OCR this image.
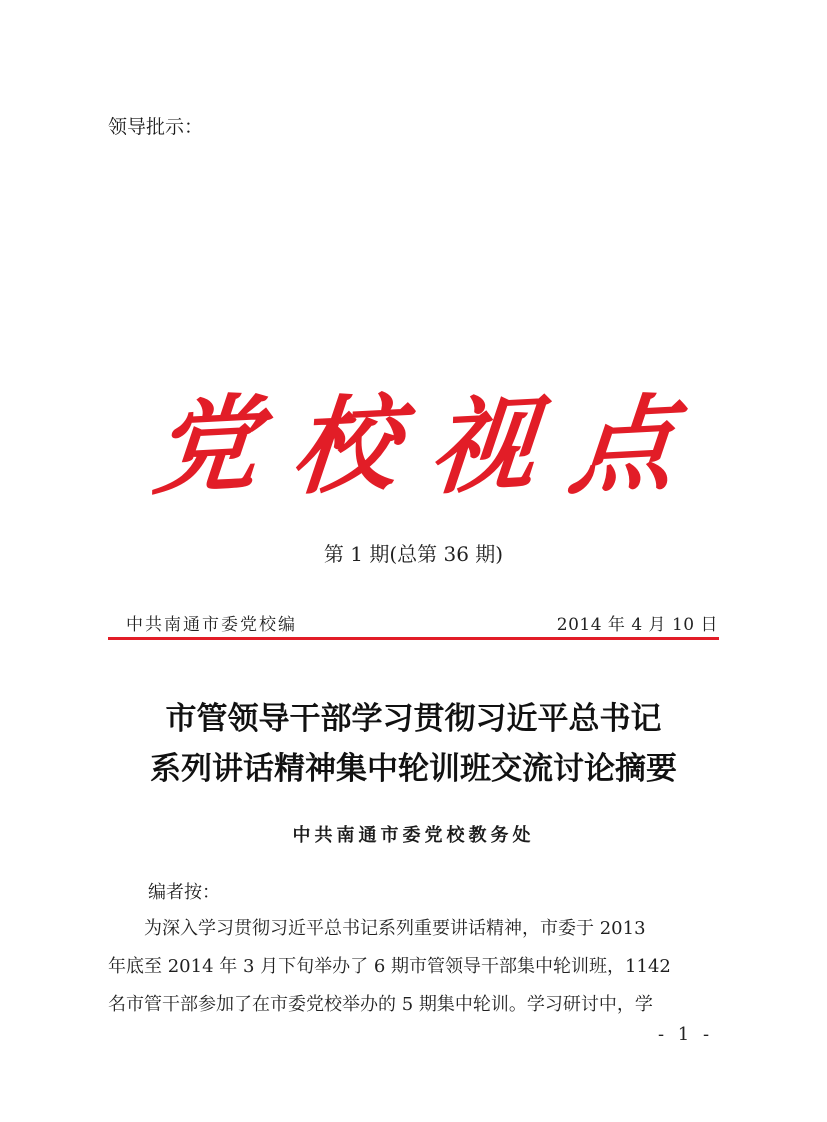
领导批示：
党 校 视 点
第 1 期(总第 36 期)
中共南通市委党校编	2014 年 4 月 10 日
市管领导干部学习贯彻习近平总书记
系列讲话精神集中轮训班交流讨论摘要
中共南通市委党校教务处
编者按：

为深入学习贯彻习近平总书记系列重要讲话精神，市委于 2013

年底至 2014 年 3 月下旬举办了 6 期市管领导干部集中轮训班，1142

名市管干部参加了在市委党校举办的 5 期集中轮训。学习研讨中，学

- 1 -
